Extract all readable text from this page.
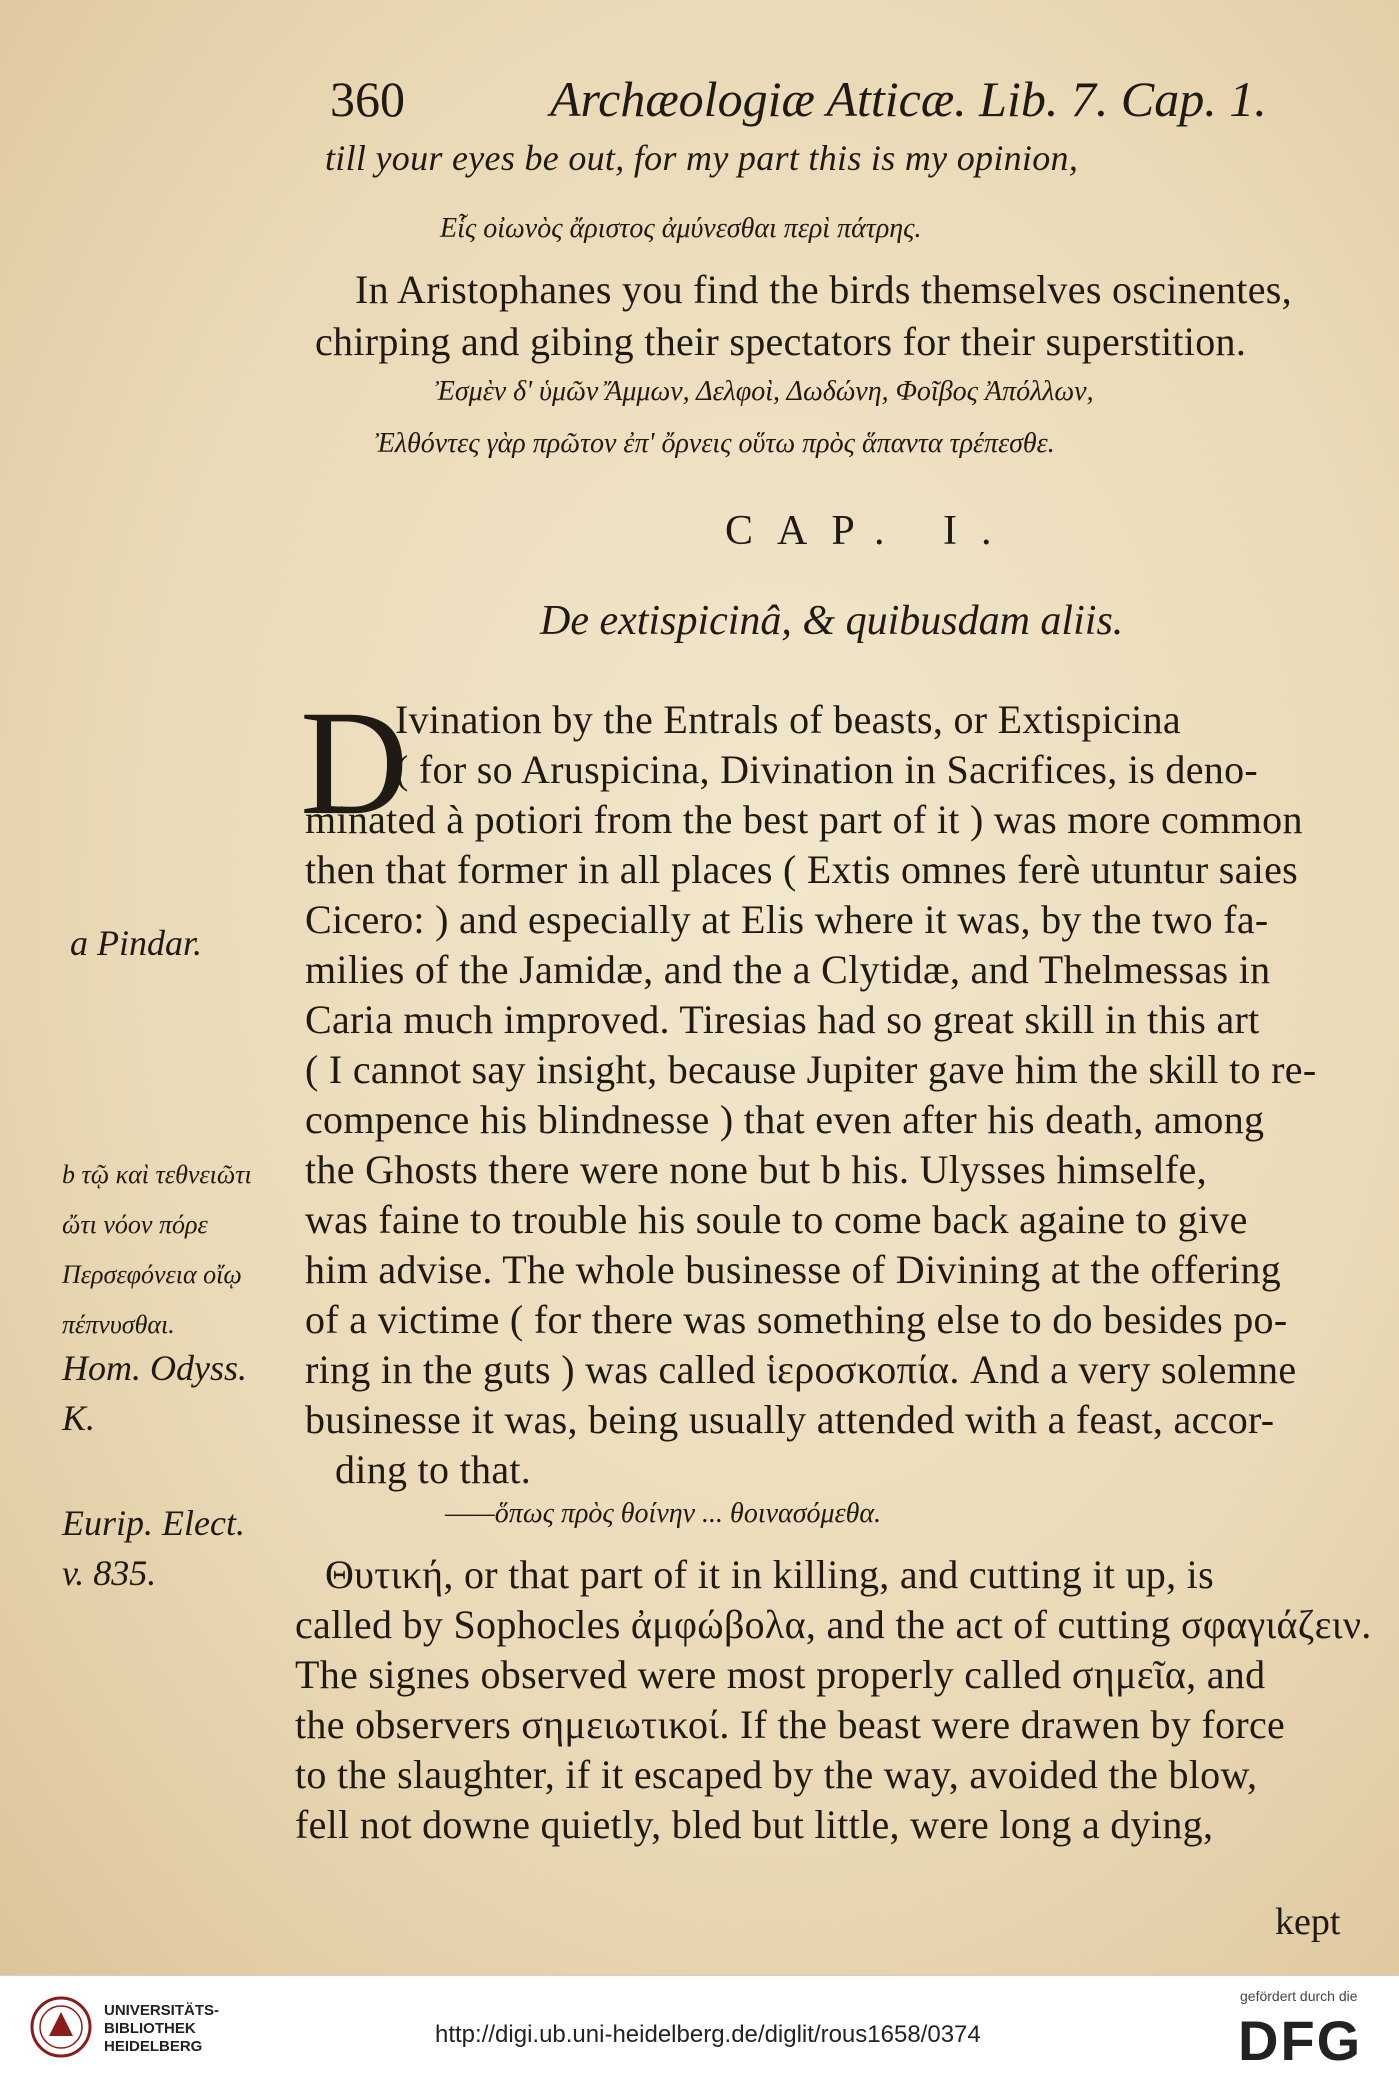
360	Archæologiæ Atticæ. Lib. 7. Cap. 1.
till your eyes be out, for my part this is my opinion,
Εἷς οἰωνὸς ἄριστος ἀμύνεσθαι περὶ πάτρης.
In Aristophanes you find the birds themselves oscinentes,
chirping and gibing their spectators for their superstition.
Ἐσμὲν δ' ὑμῶν Ἄμμων, Δελφοὶ, Δωδώνη, Φοῖβος Ἀπόλλων,
Ἐλθόντες γὰρ πρῶτον ἐπ' ὄρνεις οὕτω πρὸς ἅπαντα τρέπεσθε.
CAP. I.
De extispicinâ, & quibusdam aliis.
D
Ivination by the Entrals of beasts, or Extispicina
( for so Aruspicina, Divination in Sacrifices, is deno-
minated à potiori from the best part of it ) was more common
then that former in all places ( Extis omnes ferè utuntur saies
Cicero: ) and especially at Elis where it was, by the two fa-
milies of the Jamidæ, and the a Clytidæ, and Thelmessas in
Caria much improved. Tiresias had so great skill in this art
( I cannot say insight, because Jupiter gave him the skill to re-
compence his blindnesse ) that even after his death, among
the Ghosts there were none but b his. Ulysses himselfe,
was faine to trouble his soule to come back againe to give
him advise. The whole businesse of Divining at the offering
of a victime ( for there was something else to do besides po-
ring in the guts ) was called ἱεροσκοπία. And a very solemne
businesse it was, being usually attended with a feast, accor-
ding to that.
——ὅπως πρὸς θοίνην ... θοινασόμεθα.
Θυτική, or that part of it in killing, and cutting it up, is
called by Sophocles ἀμφώβολα, and the act of cutting σφαγιάζειν.
The signes observed were most properly called σημεῖα, and
the observers σημειωτικοί. If the beast were drawen by force
to the slaughter, if it escaped by the way, avoided the blow,
fell not downe quietly, bled but little, were long a dying,
kept
a Pindar.
b τῷ καὶ τεθνειῶτι
ὤτι νόον πόρε
Περσεφόνεια οἴῳ
πέπνυσθαι.
Hom. Odyss.
K.
Eurip. Elect.
v. 835.
UNIVERSITÄTS-
BIBLIOTHEK
HEIDELBERG	http://digi.ub.uni-heidelberg.de/diglit/rous1658/0374
gefördert durch die
DFG
